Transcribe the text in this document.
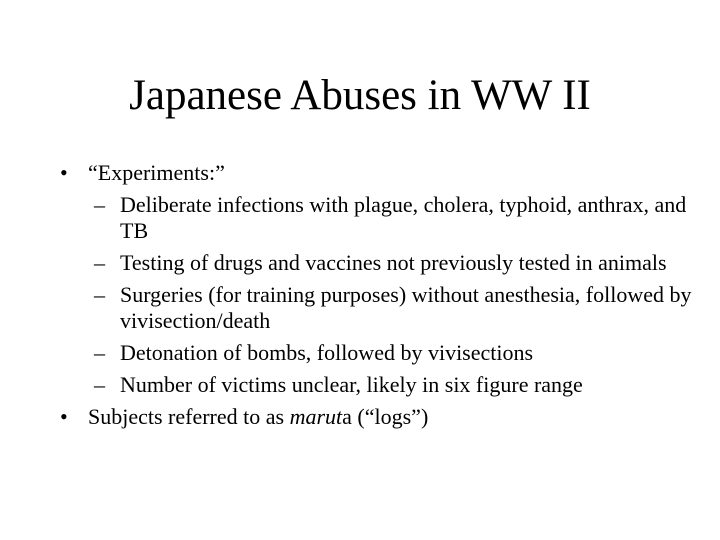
Japanese Abuses in WW II
• “Experiments:”
– Deliberate infections with plague, cholera, typhoid, anthrax, and TB
– Testing of drugs and vaccines not previously tested in animals
– Surgeries (for training purposes) without anesthesia, followed by vivisection/death
– Detonation of bombs, followed by vivisections
– Number of victims unclear, likely in six figure range
• Subjects referred to as maruta (“logs”)
